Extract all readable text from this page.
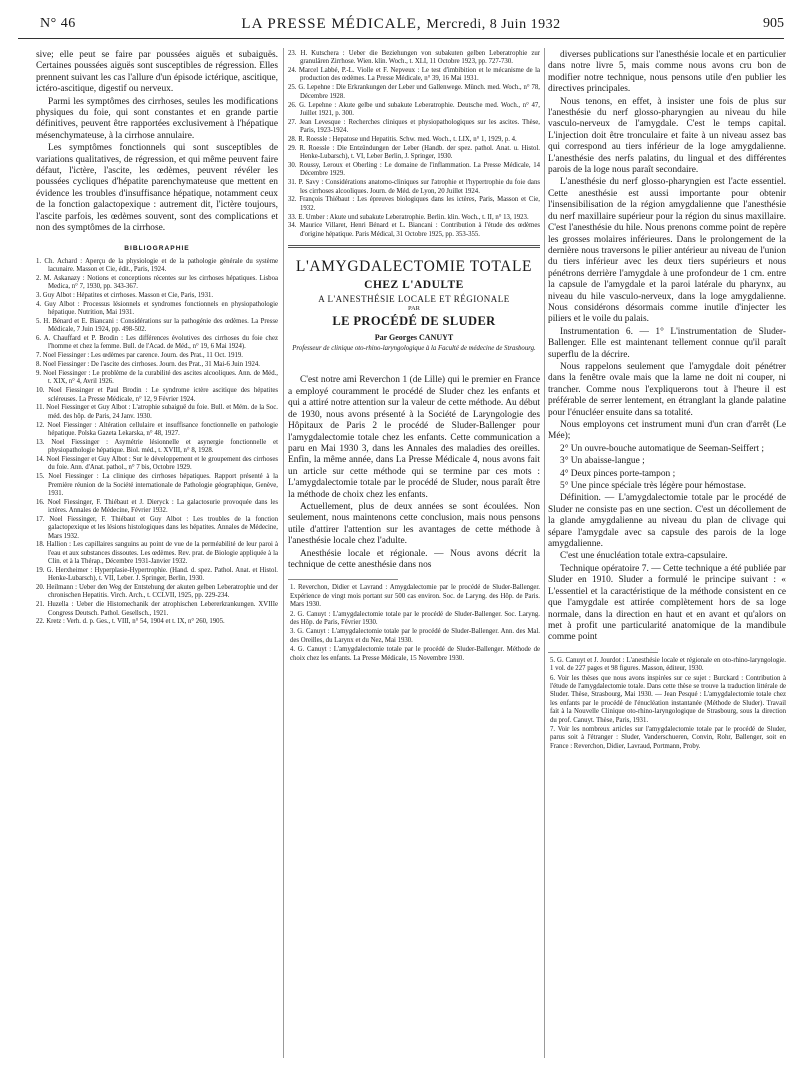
N° 46	LA PRESSE MÉDICALE, Mercredi, 8 Juin 1932	905

sive; elle peut se faire par poussées aiguës et subaiguës. Certaines poussées aiguës sont susceptibles de régression. Elles prennent suivant les cas l'allure d'un épisode ictérique, ascitique, ictéro-ascitique, digestif ou nerveux.

Parmi les symptômes des cirrhoses, seules les modifications physiques du foie, qui sont constantes et en grande partie définitives, peuvent être rapportées exclusivement à l'hépatique mésenchymateuse, à la cirrhose annulaire.

Les symptômes fonctionnels qui sont susceptibles de variations qualitatives, de régression, et qui même peuvent faire défaut, l'ictère, l'ascite, les œdèmes, peuvent révéler les poussées cycliques d'hépatite parenchymateuse que mettent en évidence les troubles d'insuffisance hépatique, notamment ceux de la fonction galactopexique : autrement dit, l'ictère toujours, l'ascite parfois, les œdèmes souvent, sont des complications et non des symptômes de la cirrhose.

BIBLIOGRAPHIE

1. Ch. Achard : Aperçu de la physiologie et de la pathologie générale du système lacunaire. Masson et Cie, édit., Paris, 1924.

2. M. Askanazy : Notions et conceptions récentes sur les cirrhoses hépatiques. Lisboa Medica, n° 7, 1930, pp. 343-367.

3. Guy Albot : Hépatites et cirrhoses. Masson et Cie, Paris, 1931.

4. Guy Albot : Processus lésionnels et syndromes fonctionnels en physiopathologie hépatique. Nutrition, Mai 1931.

5. H. Bénard et E. Biancani : Considérations sur la pathogénie des œdèmes. La Presse Médicale, 7 Juin 1924, pp. 498-502.

6. A. Chauffard et P. Brodin : Les différences évolutives des cirrhoses du foie chez l'homme et chez la femme. Bull. de l'Acad. de Méd., n° 19, 6 Mai 1924).

7. Noel Fiessinger : Les œdèmes par carence. Journ. des Prat., 11 Oct. 1919.

8. Noel Fiessinger : De l'ascite des cirrhoses. Journ. des Prat., 31 Mai-6 Juin 1924.

9. Noel Fiessinger : Le problème de la curabilité des ascites alcooliques. Ann. de Méd., t. XIX, n° 4, Avril 1926.

10. Noel Fiessinger et Paul Brodin : Le syndrome ictère ascitique des hépatites scléreuses. La Presse Médicale, n° 12, 9 Février 1924.

11. Noel Fiessinger et Guy Albot : L'atrophie subaiguë du foie. Bull. et Mém. de la Soc. méd. des hôp. de Paris, 24 Janv. 1930.

12. Noel Fiessinger : Altération cellulaire et insuffisance fonctionnelle en pathologie hépatique. Polska Gazeta Lekarska, n° 48, 1927.

13. Noel Fiessinger : Asymétrie lésionnelle et asynergie fonctionnelle et physiopathologie hépatique. Biol. méd., t. XVIII, n° 8, 1928.

14. Noel Fiessinger et Guy Albot : Sur le développement et le groupement des cirrhoses du foie. Ann. d'Anat. pathol., n° 7 bis, Octobre 1929.

15. Noel Fiessinger : La clinique des cirrhoses hépatiques. Rapport présenté à la Première réunion de la Société internationale de Pathologie géographique, Genève, 1931.

16. Noel Fiessinger, F. Thiébaut et J. Dieryck : La galactosurie provoquée dans les ictères. Annales de Médecine, Février 1932.

17. Noel Fiessinger, F. Thiébaut et Guy Albot : Les troubles de la fonction galactopexique et les lésions histologiques dans les hépatites. Annales de Médecine, Mars 1932.

18. Hallion : Les capillaires sanguins au point de vue de la perméabilité de leur paroi à l'eau et aux substances dissoutes. Les œdèmes. Rev. prat. de Biologie appliquée à la Clin. et à la Thérap., Décembre 1931-Janvier 1932.

19. G. Herxheimer : Hyperplasie-Hypertrophie. (Hand. d. spez. Pathol. Anat. et Histol. Henke-Lubarsch), t. VII, Leber. J. Springer, Berlin, 1930.

20. Heilmann : Ueber den Weg der Entstehung der akuten gelben Leberatrophie und der chronischen Hepatitis. Virch. Arch., t. CCLVII, 1925, pp. 229-234.

21. Huzella : Ueber die Histomechanik der atrophischen Lebererkrankungen. XVIIIe Congress Deutsch. Pathol. Gesellsch., 1921.

22. Kretz : Verh. d. p. Ges., t. VIII, n° 54, 1904 et t. IX, n° 260, 1905.

23. H. Kutschera : Ueber die Beziehungen von subakuten gelben Leberatrophie zur granulären Zirrhose. Wien. klin. Woch., t. XLI, 11 Octobre 1923, pp. 727-730.

24. Marcel Labbé, P.-L. Violle et F. Nepveux : Le test d'imbibition et le mécanisme de la production des œdèmes. La Presse Médicale, n° 39, 16 Mai 1931.

25. G. Lepehne : Die Erkrankungen der Leber und Gallenwege. Münch. med. Woch., n° 78, Décembre 1928.

26. G. Lepehne : Akute gelbe und subakute Leberatrophie. Deutsche med. Woch., n° 47, Juillet 1921, p. 300.

27. Jean Levesque : Recherches cliniques et physiopathologiques sur les ascites. Thèse, Paris, 1923-1924.

28. R. Roessle : Hepatose und Hepatitis. Schw. med. Woch., t. LIX, n° 1, 1929, p. 4.

29. R. Roessle : Die Entzündungen der Leber (Handb. der spez. pathol. Anat. u. Histol. Henke-Lubarsch), t. VI, Leber Berlin, J. Springer, 1930.

30. Roussy, Leroux et Oberling : Le domaine de l'inflammation. La Presse Médicale, 14 Décembre 1929.

31. P. Savy : Considérations anatomo-cliniques sur l'atrophie et l'hypertrophie du foie dans les cirrhoses alcooliques. Journ. de Méd. de Lyon, 20 Juillet 1924.

32. François Thiébaut : Les épreuves biologiques dans les ictères, Paris, Masson et Cie, 1932.

33. E. Umber : Akute und subakute Leberatrophie. Berlin. klin. Woch., t. II, n° 13, 1923.

34. Maurice Villaret, Henri Bénard et L. Biancani : Contribution à l'étude des œdèmes d'origine hépatique. Paris Médical, 31 Octobre 1925, pp. 353-355.

L'AMYGDALECTOMIE TOTALE
CHEZ L'ADULTE
A L'ANESTHÉSIE LOCALE ET RÉGIONALE
PAR
LE PROCÉDÉ DE SLUDER
Par Georges CANUYT
Professeur de clinique oto-rhino-laryngologique à la Faculté de médecine de Strasbourg.

C'est notre ami Reverchon 1 (de Lille) qui le premier en France a employé couramment le procédé de Sluder chez les enfants et qui a attiré notre attention sur la valeur de cette méthode. Au début de 1930, nous avons présenté à la Société de Laryngologie des Hôpitaux de Paris 2 le procédé de Sluder-Ballenger pour l'amygdalectomie totale chez les enfants. Cette communication a paru en Mai 1930 3, dans les Annales des maladies des oreilles. Enfin, la même année, dans La Presse Médicale 4, nous avons fait un article sur cette méthode qui se termine par ces mots : L'amygdalectomie totale par le procédé de Sluder, nous paraît être la méthode de choix chez les enfants.

Actuellement, plus de deux années se sont écoulées. Non seulement, nous maintenons cette conclusion, mais nous pensons utile d'attirer l'attention sur les avantages de cette méthode à l'anesthésie locale chez l'adulte.

Anesthésie locale et régionale. — Nous avons décrit la technique de cette anesthésie dans nos

1. Reverchon, Didier et Lavrand : Amygdalectomie par le procédé de Sluder-Ballenger. Expérience de vingt mois portant sur 500 cas environ. Soc. de Laryng. des Hôp. de Paris. Mars 1930.

2. G. Canuyt : L'amygdalectomie totale par le procédé de Sluder-Ballenger. Soc. Laryng. des Hôp. de Paris, Février 1930.

3. G. Canuyt : L'amygdalectomie totale par le procédé de Sluder-Ballenger. Ann. des Mal. des Oreilles, du Larynx et du Nez, Mai 1930.

4. G. Canuyt : L'amygdalectomie totale par le procédé de Sluder-Ballenger. Méthode de choix chez les enfants. La Presse Médicale, 15 Novembre 1930.

diverses publications sur l'anesthésie locale et en particulier dans notre livre 5, mais comme nous avons cru bon de modifier notre technique, nous pensons utile d'en publier les directives principales.

Nous tenons, en effet, à insister une fois de plus sur l'anesthésie du nerf glosso-pharyngien au niveau du hile vasculo-nerveux de l'amygdale. C'est le temps capital. L'injection doit être tronculaire et faite à un niveau assez bas qui correspond au tiers inférieur de la loge amygdalienne. L'anesthésie des nerfs palatins, du lingual et des différentes parois de la loge nous paraît secondaire.

L'anesthésie du nerf glosso-pharyngien est l'acte essentiel. Cette anesthésie est aussi importante pour obtenir l'insensibilisation de la région amygdalienne que l'anesthésie du nerf maxillaire supérieur pour la région du sinus maxillaire. C'est l'anesthésie du hile. Nous prenons comme point de repère les grosses molaires inférieures. Dans le prolongement de la dernière nous traversons le pilier antérieur au niveau de l'union du tiers inférieur avec les deux tiers supérieurs et nous pénétrons derrière l'amygdale à une profondeur de 1 cm. entre la capsule de l'amygdale et la paroi latérale du pharynx, au niveau du hile vasculo-nerveux, dans la loge amygdalienne. Nous considérons désormais comme inutile d'injecter les piliers et le voile du palais.

Instrumentation 6. — 1° L'instrumentation de Sluder-Ballenger. Elle est maintenant tellement connue qu'il paraît superflu de la décrire.

Nous rappelons seulement que l'amygdale doit pénétrer dans la fenêtre ovale mais que la lame ne doit ni couper, ni trancher. Comme nous l'expliquerons tout à l'heure il est préférable de serrer lentement, en étranglant la glande palatine pour l'énucléer ensuite dans sa totalité.

Nous employons cet instrument muni d'un cran d'arrêt (Le Mée);

2° Un ouvre-bouche automatique de Seeman-Seiffert ;

3° Un abaisse-langue ;

4° Deux pinces porte-tampon ;

5° Une pince spéciale très légère pour hémostase.

Définition. — L'amygdalectomie totale par le procédé de Sluder ne consiste pas en une section. C'est un décollement de la glande amygdalienne au niveau du plan de clivage qui sépare l'amygdale avec sa capsule des parois de la loge amygdalienne.

C'est une énucléation totale extra-capsulaire.

Technique opératoire 7. — Cette technique a été publiée par Sluder en 1910. Sluder a formulé le principe suivant : « L'essentiel et la caractéristique de la méthode consistent en ce que l'amygdale est attirée complètement hors de sa loge normale, dans la direction en haut et en avant et qu'alors on met à profit une particularité anatomique de la mandibule comme point

5. G. Canuyt et J. Jourdot : L'anesthésie locale et régionale en oto-rhino-laryngologie. 1 vol. de 227 pages et 98 figures. Masson, éditeur, 1930.

6. Voir les thèses que nous avons inspirées sur ce sujet : Burckard : Contribution à l'étude de l'amygdalectomie totale. Dans cette thèse se trouve la traduction littérale de Sluder. Thèse, Strasbourg, Mai 1930. — Jean Pesqué : L'amygdalectomie totale chez les enfants par le procédé de l'énucléation instantanée (Méthode de Sluder). Travail fait à la Nouvelle Clinique oto-rhino-laryngologique de Strasbourg, sous la direction du prof. Canuyt. Thèse, Paris, 1931.

7. Voir les nombreux articles sur l'amygdalectomie totale par le procédé de Sluder, parus soit à l'étranger : Sluder, Vanderschueren, Convin, Rohr, Ballenger, soit en France : Reverchon, Didier, Lavraud, Portmann, Proby.
